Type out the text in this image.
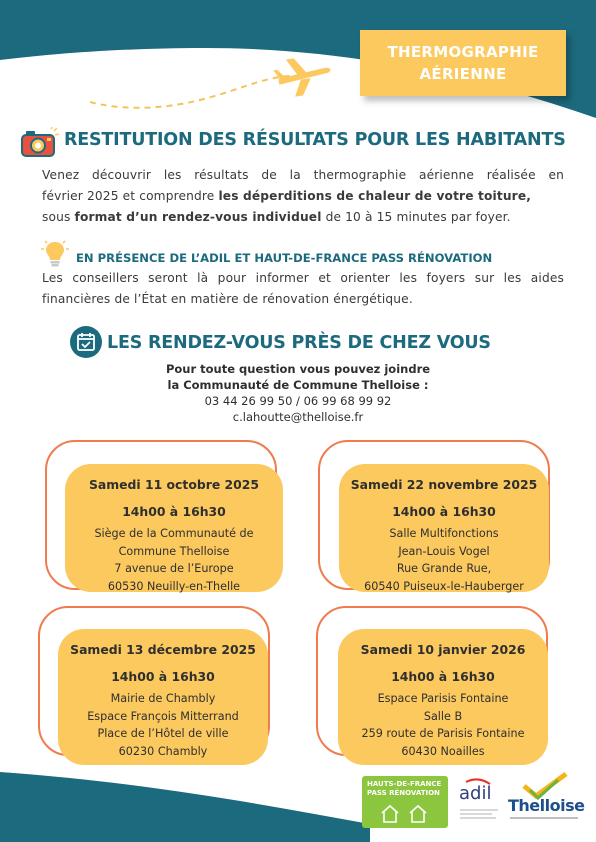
THERMOGRAPHIE
AÉRIENNE
RESTITUTION DES RÉSULTATS POUR LES HABITANTS
Venez découvrir les résultats de la thermographie aérienne réalisée en
février 2025 et comprendre les déperditions de chaleur de votre toiture,
sous format d’un rendez-vous individuel de 10 à 15 minutes par foyer.
EN PRÉSENCE DE L’ADIL ET HAUT-DE-FRANCE PASS RÉNOVATION
Les conseillers seront là pour informer et orienter les foyers sur les aides financières de l’État en matière de rénovation énergétique.
LES RENDEZ-VOUS PRÈS DE CHEZ VOUS
Pour toute question vous pouvez joindre
la Communauté de Commune Thelloise :
03 44 26 99 50 / 06 99 68 99 92
c.lahoutte@thelloise.fr
Samedi 11 octobre 2025
14h00 à 16h30
Siège de la Communauté de
Commune Thelloise
7 avenue de l’Europe
60530 Neuilly-en-Thelle
Samedi 22 novembre 2025
14h00 à 16h30
Salle Multifonctions
Jean-Louis Vogel
Rue Grande Rue,
60540 Puiseux-le-Hauberger
Samedi 13 décembre 2025
14h00 à 16h30
Mairie de Chambly
Espace François Mitterrand
Place de l’Hôtel de ville
60230 Chambly
Samedi 10 janvier 2026
14h00 à 16h30
Espace Parisis Fontaine
Salle B
259 route de Parisis Fontaine
60430 Noailles
HAUTS-DE-FRANCE
PASS RÉNOVATION adil
Thelloise
